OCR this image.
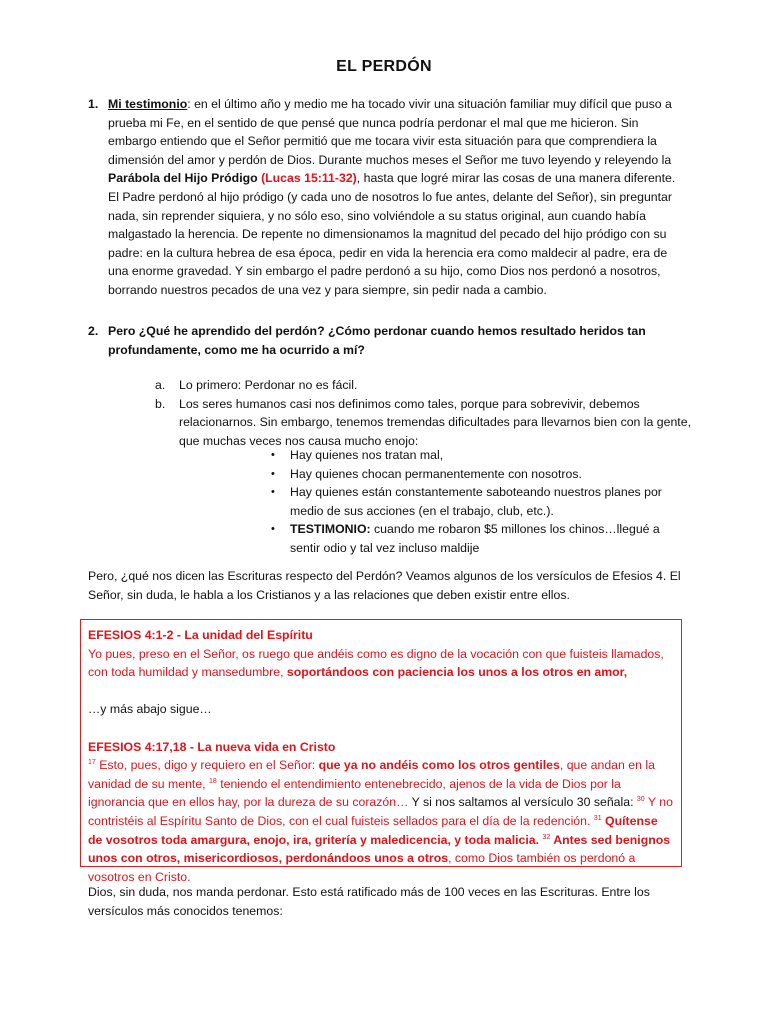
EL PERDÓN
1. Mi testimonio: en el último año y medio me ha tocado vivir una situación familiar muy difícil que puso a prueba mi Fe, en el sentido de que pensé que nunca podría perdonar el mal que me hicieron. Sin embargo entiendo que el Señor permitió que me tocara vivir esta situación para que comprendiera la dimensión del amor y perdón de Dios. Durante muchos meses el Señor me tuvo leyendo y releyendo la Parábola del Hijo Pródigo (Lucas 15:11-32), hasta que logré mirar las cosas de una manera diferente. El Padre perdonó al hijo pródigo (y cada uno de nosotros lo fue antes, delante del Señor), sin preguntar nada, sin reprender siquiera, y no sólo eso, sino volviéndole a su status original, aun cuando había malgastado la herencia. De repente no dimensionamos la magnitud del pecado del hijo pródigo con su padre: en la cultura hebrea de esa época, pedir en vida la herencia era como maldecir al padre, era de una enorme gravedad. Y sin embargo el padre perdonó a su hijo, como Dios nos perdonó a nosotros, borrando nuestros pecados de una vez y para siempre, sin pedir nada a cambio.
2. Pero ¿Qué he aprendido del perdón? ¿Cómo perdonar cuando hemos resultado heridos tan profundamente, como me ha ocurrido a mí?
a. Lo primero: Perdonar no es fácil.
b. Los seres humanos casi nos definimos como tales, porque para sobrevivir, debemos relacionarnos. Sin embargo, tenemos tremendas dificultades para llevarnos bien con la gente, que muchas veces nos causa mucho enojo:
• Hay quienes nos tratan mal,
• Hay quienes chocan permanentemente con nosotros.
• Hay quienes están constantemente saboteando nuestros planes por medio de sus acciones (en el trabajo, club, etc.).
• TESTIMONIO: cuando me robaron $5 millones los chinos…llegué a sentir odio y tal vez incluso maldije
Pero, ¿qué nos dicen las Escrituras respecto del Perdón? Veamos algunos de los versículos de Efesios 4. El Señor, sin duda, le habla a los Cristianos y a las relaciones que deben existir entre ellos.

EFESIOS 4:1-2 - La unidad del Espíritu

Yo pues, preso en el Señor, os ruego que andéis como es digno de la vocación con que fuisteis llamados, con toda humildad y mansedumbre, soportándoos con paciencia los unos a los otros en amor,

…y más abajo sigue…

EFESIOS 4:17,18 - La nueva vida en Cristo

$^{17}$ Esto, pues, digo y requiero en el Señor: que ya no andéis como los otros gentiles, que andan en la vanidad de su mente, $^{18}$ teniendo el entendimiento entenebrecido, ajenos de la vida de Dios por la ignorancia que en ellos hay, por la dureza de su corazón… Y si nos saltamos al versículo 30 señala: $^{30}$ Y no contristéis al Espíritu Santo de Dios, con el cual fuisteis sellados para el día de la redención. $^{31}$ Quítense de vosotros toda amargura, enojo, ira, gritería y maledicencia, y toda malicia. $^{32}$ Antes sed benignos unos con otros, misericordiosos, perdonándoos unos a otros, como Dios también os perdonó a vosotros en Cristo.

Dios, sin duda, nos manda perdonar. Esto está ratificado más de 100 veces en las Escrituras. Entre los versículos más conocidos tenemos:
